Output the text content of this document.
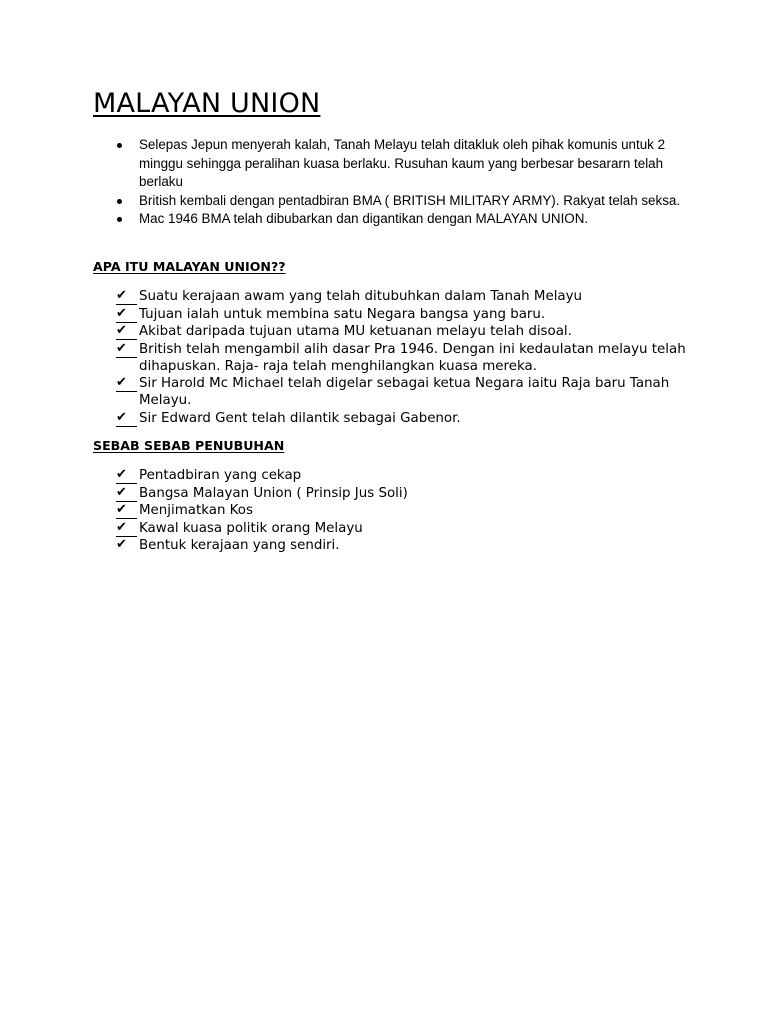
MALAYAN UNION
Selepas Jepun menyerah kalah, Tanah Melayu telah ditakluk oleh pihak komunis untuk 2 minggu sehingga peralihan kuasa berlaku. Rusuhan kaum yang berbesar besararn telah berlaku
British kembali dengan pentadbiran BMA ( BRITISH MILITARY ARMY). Rakyat telah seksa.
Mac 1946 BMA telah dibubarkan dan digantikan dengan MALAYAN UNION.
APA ITU MALAYAN UNION??
✔ Suatu kerajaan awam yang telah ditubuhkan dalam Tanah Melayu
✔ Tujuan ialah untuk membina satu Negara bangsa yang baru.
✔ Akibat daripada tujuan utama MU ketuanan melayu telah disoal.
✔ British telah mengambil alih dasar Pra 1946. Dengan ini kedaulatan melayu telah dihapuskan. Raja- raja telah menghilangkan kuasa mereka.
✔ Sir Harold Mc Michael telah digelar sebagai ketua Negara iaitu Raja baru Tanah Melayu.
✔ Sir Edward Gent telah dilantik sebagai Gabenor.
SEBAB SEBAB PENUBUHAN
✔ Pentadbiran yang cekap
✔ Bangsa Malayan Union ( Prinsip Jus Soli)
✔ Menjimatkan Kos
✔ Kawal kuasa politik orang Melayu
✔ Bentuk kerajaan yang sendiri.
